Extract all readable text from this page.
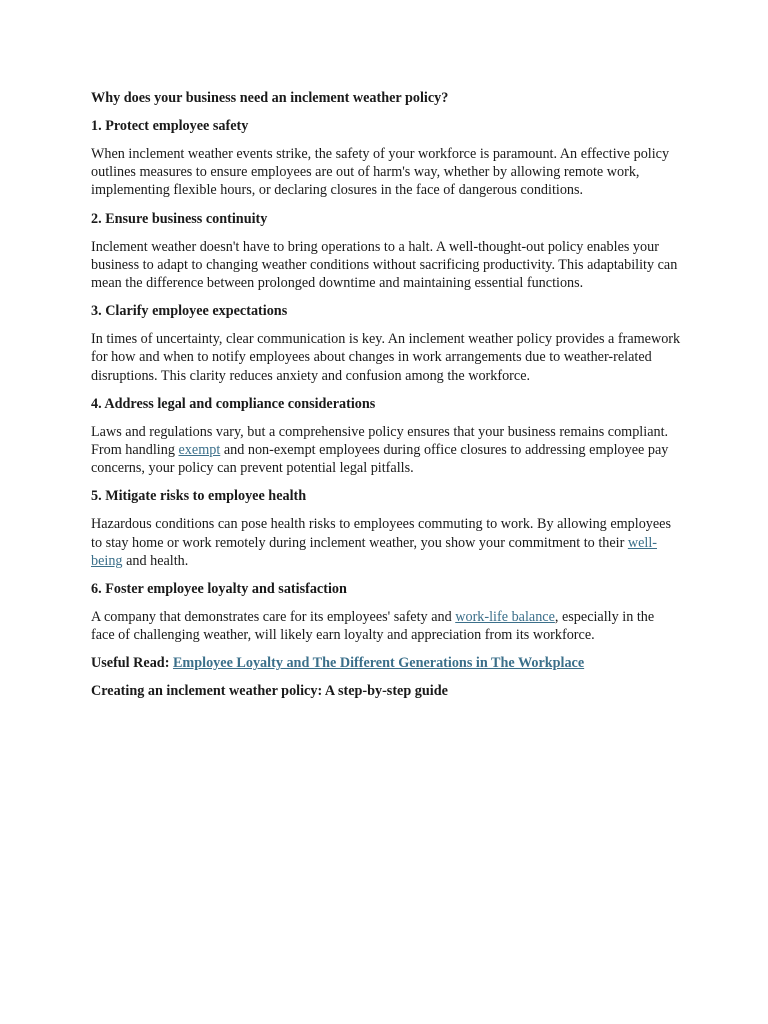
Why does your business need an inclement weather policy?

1. Protect employee safety

When inclement weather events strike, the safety of your workforce is paramount. An effective policy outlines measures to ensure employees are out of harm's way, whether by allowing remote work, implementing flexible hours, or declaring closures in the face of dangerous conditions.

2. Ensure business continuity

Inclement weather doesn't have to bring operations to a halt. A well-thought-out policy enables your business to adapt to changing weather conditions without sacrificing productivity. This adaptability can mean the difference between prolonged downtime and maintaining essential functions.

3. Clarify employee expectations

In times of uncertainty, clear communication is key. An inclement weather policy provides a framework for how and when to notify employees about changes in work arrangements due to weather-related disruptions. This clarity reduces anxiety and confusion among the workforce.

4. Address legal and compliance considerations

Laws and regulations vary, but a comprehensive policy ensures that your business remains compliant. From handling exempt and non-exempt employees during office closures to addressing employee pay concerns, your policy can prevent potential legal pitfalls.

5. Mitigate risks to employee health

Hazardous conditions can pose health risks to employees commuting to work. By allowing employees to stay home or work remotely during inclement weather, you show your commitment to their well-being and health.

6. Foster employee loyalty and satisfaction

A company that demonstrates care for its employees' safety and work-life balance, especially in the face of challenging weather, will likely earn loyalty and appreciation from its workforce.

Useful Read: Employee Loyalty and The Different Generations in The Workplace

Creating an inclement weather policy: A step-by-step guide
